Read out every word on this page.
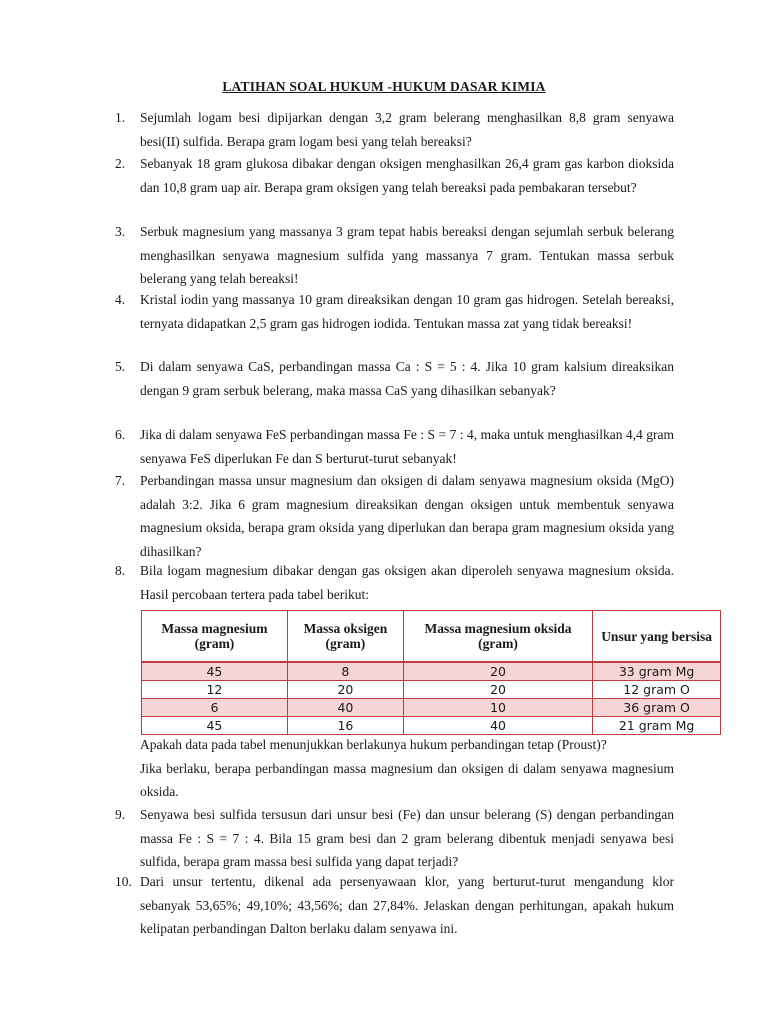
LATIHAN SOAL HUKUM -HUKUM DASAR KIMIA
1. Sejumlah logam besi dipijarkan dengan 3,2 gram belerang menghasilkan 8,8 gram senyawa besi(II) sulfida. Berapa gram logam besi yang telah bereaksi?
2. Sebanyak 18 gram glukosa dibakar dengan oksigen menghasilkan 26,4 gram gas karbon dioksida dan 10,8 gram uap air. Berapa gram oksigen yang telah bereaksi pada pembakaran tersebut?
3. Serbuk magnesium yang massanya 3 gram tepat habis bereaksi dengan sejumlah serbuk belerang menghasilkan senyawa magnesium sulfida yang massanya 7 gram. Tentukan massa serbuk belerang yang telah bereaksi!
4. Kristal iodin yang massanya 10 gram direaksikan dengan 10 gram gas hidrogen. Setelah bereaksi, ternyata didapatkan 2,5 gram gas hidrogen iodida. Tentukan massa zat yang tidak bereaksi!
5. Di dalam senyawa CaS, perbandingan massa Ca : S = 5 : 4. Jika 10 gram kalsium direaksikan dengan 9 gram serbuk belerang, maka massa CaS yang dihasilkan sebanyak?
6. Jika di dalam senyawa FeS perbandingan massa Fe : S = 7 : 4, maka untuk menghasilkan 4,4 gram senyawa FeS diperlukan Fe dan S berturut-turut sebanyak!
7. Perbandingan massa unsur magnesium dan oksigen di dalam senyawa magnesium oksida (MgO) adalah 3:2. Jika 6 gram magnesium direaksikan dengan oksigen untuk membentuk senyawa magnesium oksida, berapa gram oksida yang diperlukan dan berapa gram magnesium oksida yang dihasilkan?
8. Bila logam magnesium dibakar dengan gas oksigen akan diperoleh senyawa magnesium oksida. Hasil percobaan tertera pada tabel berikut:
Massa magnesium (gram)	Massa oksigen (gram)	Massa magnesium oksida (gram)	Unsur yang bersisa
45	8	20	33 gram Mg
12	20	20	12 gram O
6	40	10	36 gram O
45	16	40	21 gram Mg

Apakah data pada tabel menunjukkan berlakunya hukum perbandingan tetap (Proust)?

Jika berlaku, berapa perbandingan massa magnesium dan oksigen di dalam senyawa magnesium oksida.

9. Senyawa besi sulfida tersusun dari unsur besi (Fe) dan unsur belerang (S) dengan perbandingan massa Fe : S = 7 : 4. Bila 15 gram besi dan 2 gram belerang dibentuk menjadi senyawa besi sulfida, berapa gram massa besi sulfida yang dapat terjadi?
10. Dari unsur tertentu, dikenal ada persenyawaan klor, yang berturut-turut mengandung klor sebanyak 53,65%; 49,10%; 43,56%; dan 27,84%. Jelaskan dengan perhitungan, apakah hukum kelipatan perbandingan Dalton berlaku dalam senyawa ini.
